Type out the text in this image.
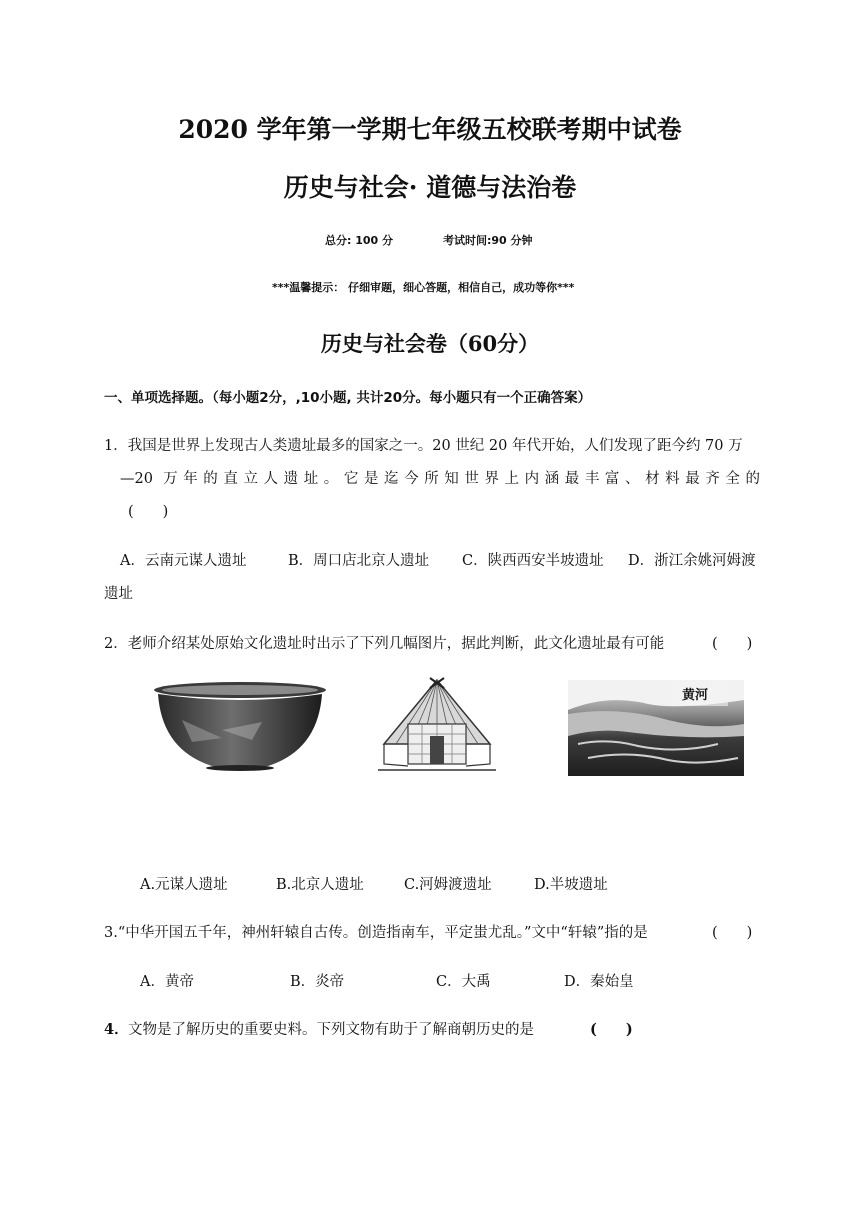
2020 学年第一学期七年级五校联考期中试卷
历史与社会· 道德与法治卷
总分: 100 分	考试时间:90 分钟
***温馨提示： 仔细审题，细心答题，相信自己，成功等你***
历史与社会卷（60分）
一、单项选择题。（每小题2分，,10小题, 共计20分。每小题只有一个正确答案）
1．我国是世界上发现古人类遗址最多的国家之一。20 世纪 20 年代开始，人们发现了距今约 70 万
—20 万年的直立人遗址。它是迄今所知世界上内涵最丰富、材料最齐全的
(　　)
A．云南元谋人遗址	B．周口店北京人遗址 C．陕西西安半坡遗址 D．浙江余姚河姆渡
遗址
2．老师介绍某处原始文化遗址时出示了下列几幅图片，据此判断，此文化遗址最有可能	(　　)
黄河
A.元谋人遗址	B.北京人遗址	C.河姆渡遗址	D.半坡遗址
3.“中华开国五千年，神州轩辕自古传。创造指南车，平定蚩尤乱。”文中“轩辕”指的是	(　　)
A．黄帝	B．炎帝	C．大禹	D．秦始皇
4． 文物是了解历史的重要史料。下列文物有助于了解商朝历史的是	(　　)
